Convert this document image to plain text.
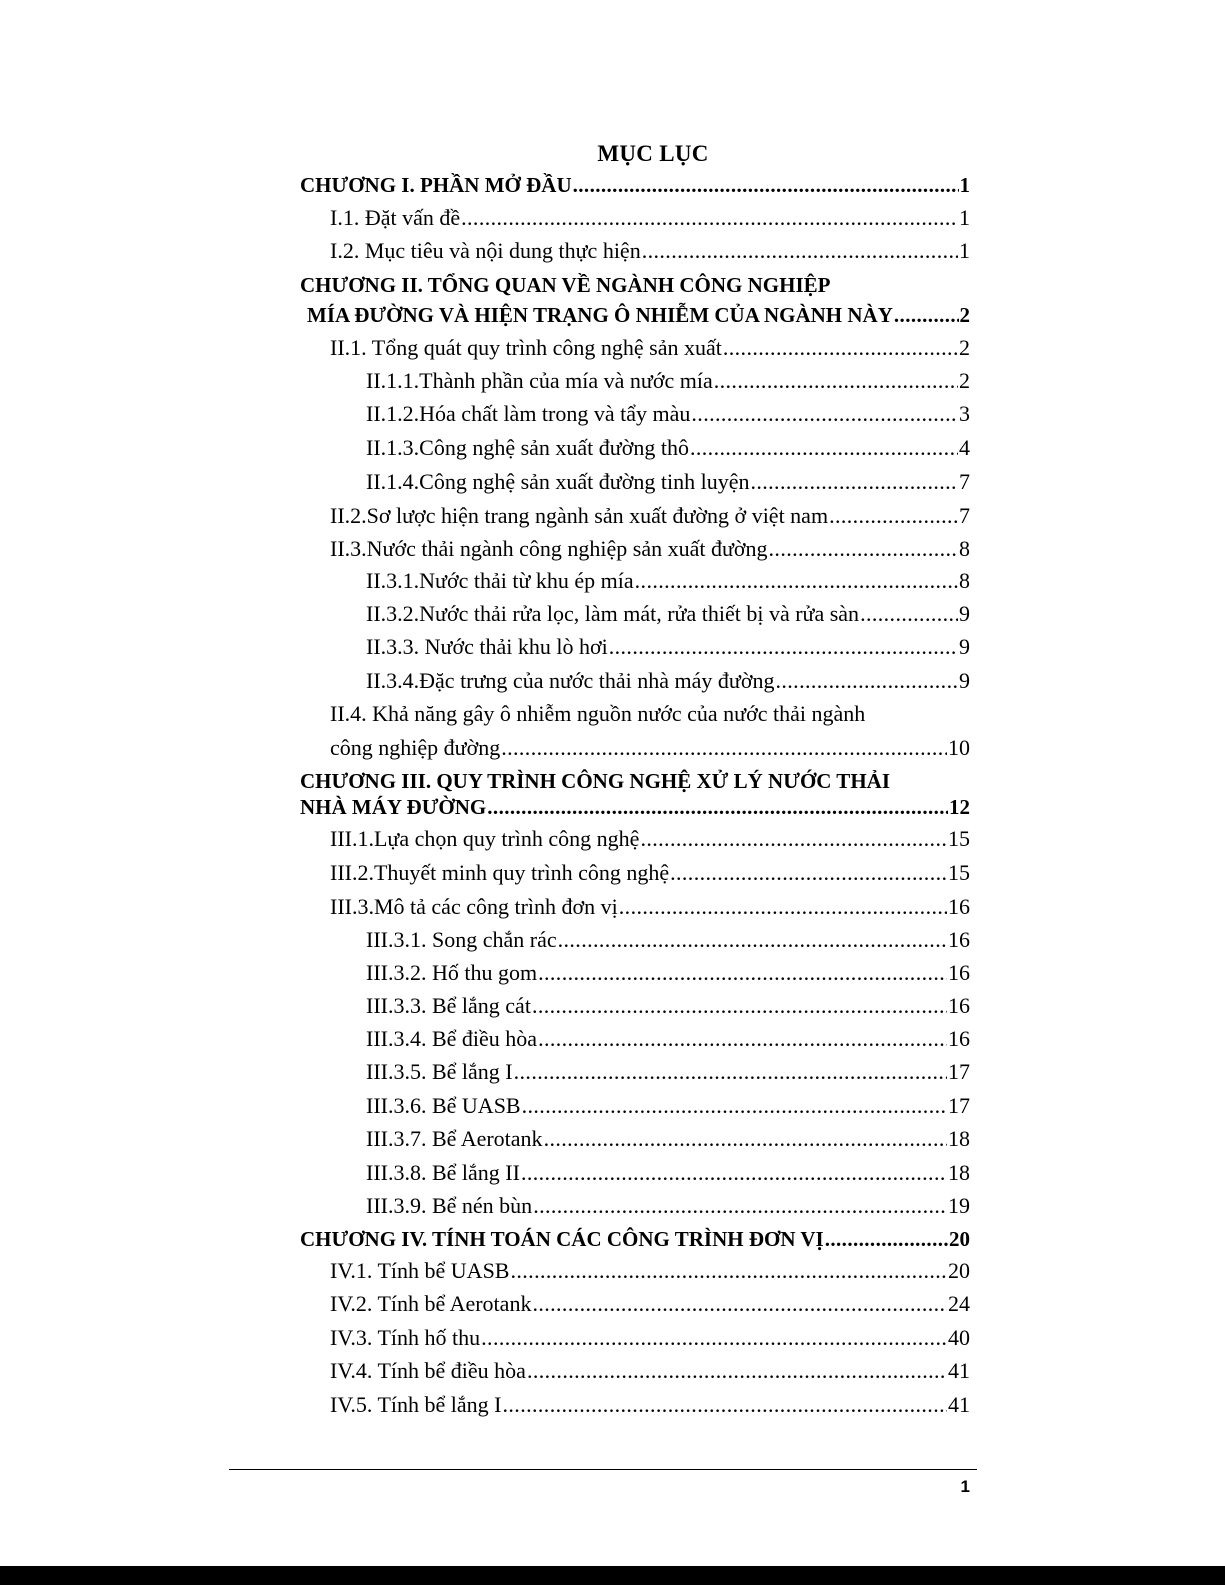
MỤC LỤC
CHƯƠNG I. PHẦN MỞ ĐẦU .....	1
I.1. Đặt vấn đề .....	1
I.2. Mục tiêu và nội dung thực hiện .....	1
CHƯƠNG II. TỔNG QUAN VỀ NGÀNH CÔNG NGHIỆP
MÍA ĐƯỜNG VÀ HIỆN TRẠNG Ô NHIỄM CỦA NGÀNH NÀY .....	2
II.1. Tổng quát quy trình công nghệ sản xuất .....	2
II.1.1.Thành phần của mía và nước mía .....	2
II.1.2.Hóa chất làm trong và tẩy màu .....	3
II.1.3.Công nghệ sản xuất đường thô .....	4
II.1.4.Công nghệ sản xuất đường tinh luyện .....	7
II.2.Sơ lược hiện trang ngành sản xuất đường ở việt nam .....	7
II.3.Nước thải ngành công nghiệp sản xuất đường .....	8
II.3.1.Nước thải từ khu ép mía .....	8
II.3.2.Nước thải rửa lọc, làm mát, rửa thiết bị và rửa sàn .....	9
II.3.3. Nước thải khu lò hơi .....	9
II.3.4.Đặc trưng của nước thải nhà máy đường .....	9
II.4. Khả năng gây ô nhiễm nguồn nước của nước thải ngành
công nghiệp đường .....	10
CHƯƠNG III. QUY TRÌNH CÔNG NGHỆ XỬ LÝ NƯỚC THẢI
NHÀ MÁY ĐƯỜNG .....	12
III.1.Lựa chọn quy trình công nghệ .....	15
III.2.Thuyết minh quy trình công nghệ .....	15
III.3.Mô tả các công trình đơn vị .....	16
III.3.1. Song chắn rác .....	16
III.3.2. Hố thu gom .....	16
III.3.3. Bể lắng cát .....	16
III.3.4. Bể điều hòa .....	16
III.3.5. Bể lắng I .....	17
III.3.6. Bể UASB .....	17
III.3.7. Bể Aerotank .....	18
III.3.8. Bể lắng II .....	18
III.3.9. Bể nén bùn .....	19
CHƯƠNG IV. TÍNH TOÁN CÁC CÔNG TRÌNH ĐƠN VỊ .....	20
IV.1. Tính bể UASB .....	20
IV.2. Tính bể Aerotank .....	24
IV.3. Tính hố thu .....	40
IV.4. Tính bể điều hòa .....	41
IV.5. Tính bể lắng I .....	41
1
